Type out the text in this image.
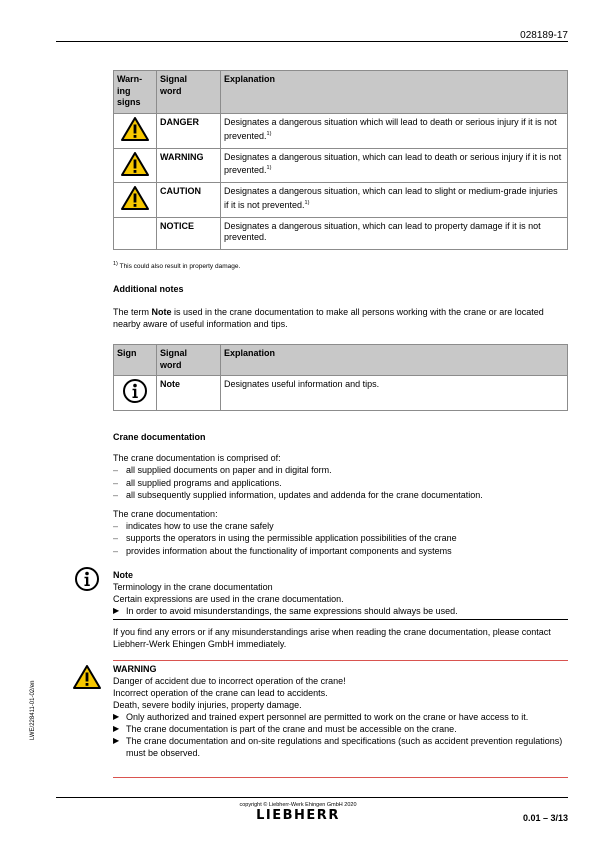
028189-17
Warn-
ing
signs	Signal
word	Explanation
	DANGER	Designates a dangerous situation which will lead to death or serious injury if it is not prevented.$^{1)}$
	WARNING	Designates a dangerous situation, which can lead to death or serious injury if it is not prevented.$^{1)}$
	CAUTION	Designates a dangerous situation, which can lead to slight or medium-grade injuries if it is not prevented.$^{1)}$
	NOTICE	Designates a dangerous situation, which can lead to property damage if it is not prevented.
$^{1)}$ This could also result in property damage.
Additional notes
The term Note is used in the crane documentation to make all persons working with the crane or are located nearby aware of useful information and tips.
Sign	Signal
word	Explanation
	Note	Designates useful information and tips.
Crane documentation
The crane documentation is comprised of:
– all supplied documents on paper and in digital form.
– all supplied programs and applications.
– all subsequently supplied information, updates and addenda for the crane documentation.
The crane documentation:
– indicates how to use the crane safely
– supports the operators in using the permissible application possibilities of the crane
– provides information about the functionality of important components and systems
Note
Terminology in the crane documentation
Certain expressions are used in the crane documentation.
▶ In order to avoid misunderstandings, the same expressions should always be used.
If you find any errors or if any misunderstandings arise when reading the crane documentation, please contact Liebherr-Werk Ehingen GmbH immediately.
WARNING
Danger of accident due to incorrect operation of the crane!
Incorrect operation of the crane can lead to accidents.
Death, severe bodily injuries, property damage.
▶ Only authorized and trained expert personnel are permitted to work on the crane or have access to it.
▶ The crane documentation is part of the crane and must be accessible on the crane.
▶ The crane documentation and on-site regulations and specifications (such as accident prevention regulations) must be observed.
LWE/228411-01-02/en
copyright © Liebherr-Werk Ehingen GmbH 2020
LIEBHERR	0.01 – 3/13
